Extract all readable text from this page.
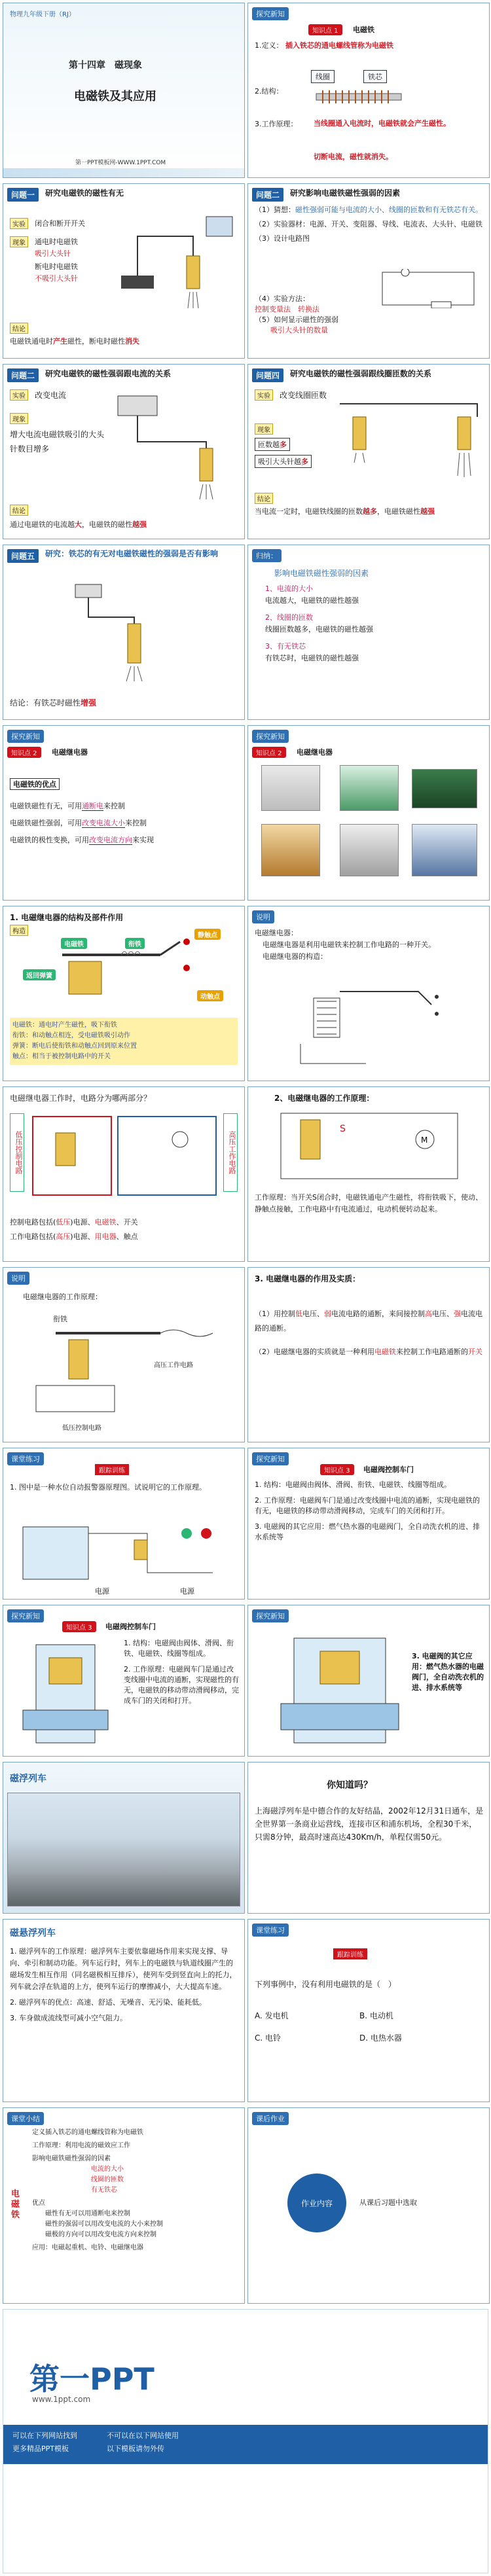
物理九年级下册（RJ）
第十四章　磁现象
电磁铁及其应用
第一PPT模板网-WWW.1PPT.COM
探究新知
知识点 1	电磁铁
1.定义： 插入铁芯的通电螺线管称为电磁铁
线圈	铁芯
2.结构：
3.工作原理： 当线圈通入电流时，电磁铁就会产生磁性。
切断电流，磁性就消失。
问题一	研究电磁铁的磁性有无
实验	闭合和断开开关
现象	通电时电磁铁
吸引大头针
断电时电磁铁
不吸引大头针
结论
电磁铁通电时产生磁性，断电时磁性消失
问题二	研究影响电磁铁磁性强弱的因素
（1）猜想：磁性强弱可能与电流的大小、线圈的匝数和有无铁芯有关。
（2）实验器材：电源、开关、变阻器、导线、电流表、大头针、电磁铁
（3）设计电路图
（4）实验方法：
控制变量法　 转换法
（5）如何显示磁性的强弱
吸引大头针的数量
问题二	研究电磁铁的磁性强弱跟电流的关系
实验	改变电流
现象
增大电流电磁铁吸引的大头针数目增多
结论
通过电磁铁的电流越大，电磁铁的磁性越强
问题四	研究电磁铁的磁性强弱跟线圈匝数的关系
实验	改变线圈匝数
现象
匝数越多
吸引大头针越多
结论
当电流一定时，电磁铁线圈的匝数越多，电磁铁磁性越强
问题五	研究：铁芯的有无对电磁铁磁性的强弱是否有影响
结论：有铁芯时磁性增强
归纳：
影响电磁铁磁性强弱的因素
1、电流的大小
电流越大，电磁铁的磁性越强
2、线圈的匝数
线圈匝数越多，电磁铁的磁性越强
3、有无铁芯
有铁芯时，电磁铁的磁性越强
探究新知
知识点 2	电磁继电器
电磁铁的优点
电磁铁磁性有无，可用通断电来控制
电磁铁磁性强弱，可用改变电流大小来控制
电磁铁的极性变换，可用改变电流方向来实现
探究新知
知识点 2	电磁继电器
1. 电磁继电器的结构及部件作用
构造
电磁铁	衔铁
返回弹簧
静触点
动触点
电磁铁：通电时产生磁性，吸下衔铁
衔铁：和动触点相连，受电磁铁吸引动作
弹簧：断电后使衔铁和动触点回到原来位置
触点：相当于被控制电路中的开关
说明
电磁继电器：
电磁继电器是利用电磁铁来控制工作电路的一种开关。
电磁继电器的构造：
电磁继电器工作时，电路分为哪两部分？
低压控制电路	高压工作电路
控制电路包括(低压)电源、电磁铁、开关
工作电路包括(高压)电源、用电器、触点
2、电磁继电器的工作原理：
M
S
工作原理：当开关S闭合时，电磁铁通电产生磁性，将衔铁吸下，使动、静触点接触，工作电路中有电流通过，电动机便转动起来。
说明
电磁继电器的工作原理：
衔铁
高压工作电路
低压控制电路
3. 电磁继电器的作用及实质：
（1）用控制低电压、弱电流电路的通断，来间接控制高电压、强电流电路的通断。
（2）电磁继电器的实质就是一种利用电磁铁来控制工作电路通断的开关
课堂练习
跟踪训练
1. 图中是一种水位自动报警器原理图。试说明它的工作原理。
电源	电源
探究新知
知识点 3	电磁阀控制车门
1. 结构：电磁阀由阀体、滑阀、衔铁、电磁铁、线圈等组成。
2. 工作原理：电磁阀车门是通过改变线圈中电流的通断，实现电磁铁的有无，电磁铁的移动带动滑阀移动，完成车门的关闭和打开。
3. 电磁阀的其它应用：燃气热水器的电磁阀门，全自动洗衣机的进、排水系统等
探究新知
知识点 3	电磁阀控制车门
1. 结构：电磁阀由阀体、滑阀、衔铁、电磁铁、线圈等组成。
2. 工作原理：电磁阀车门是通过改变线圈中电流的通断，实现磁性的有无，电磁铁的移动带动滑阀移动，完成车门的关闭和打开。
探究新知
3. 电磁阀的其它应用：燃气热水器的电磁阀门，全自动洗衣机的进、排水系统等
磁浮列车
你知道吗？
上海磁浮列车是中德合作的友好结晶，2002年12月31日通车，是全世界第一条商业运营线，连接市区和浦东机场，全程30千米，只需8分钟，最高时速高达430Km/h，单程仅需50元。
磁悬浮列车
1. 磁浮列车的工作原理：磁浮列车主要依靠磁场作用来实现支撑、导向、牵引和制动功能。列车运行时，列车上的电磁铁与轨道线圈产生的磁场发生相互作用（同名磁极相互排斥），使列车受到竖直向上的托力，列车就会浮在轨道的上方，使列车运行的摩擦减小，大大提高车速。
2. 磁浮列车的优点：高速、舒适、无噪音、无污染、能耗低。
3. 车身做成流线型可减小空气阻力。
课堂练习
跟踪训练
下列事例中，没有利用电磁铁的是（　）
A. 发电机	B. 电动机
C. 电铃	D. 电热水器
课堂小结
电磁铁
定义插入铁芯的通电螺线管称为电磁铁
工作原理：利用电流的磁效应工作
影响电磁铁磁性强弱的因素
电流的大小
线圈的匝数
有无铁芯
优点
磁性有无可以用通断电来控制
磁性的强弱可以用改变电流的大小来控制
磁极的方向可以用改变电流方向来控制
应用：电磁起重机、电铃、电磁继电器
课后作业
作业内容	从课后习题中选取
第一PPT
www.1ppt.com
可以在下列网站找到
更多精品PPT模板
不可以在以下网站使用
以下模板请勿外传
